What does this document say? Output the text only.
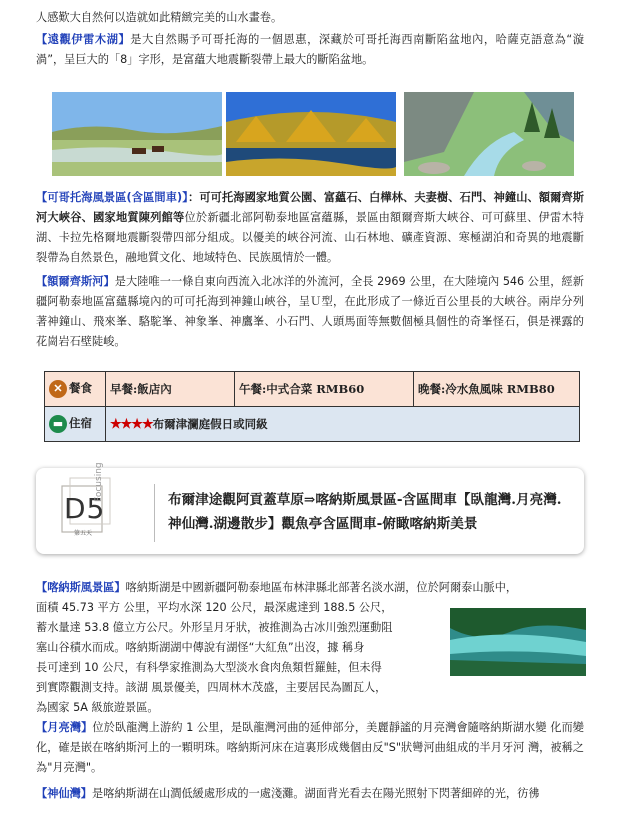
人感歎大自然何以造就如此精緻完美的山水畫卷。

【遠觀伊雷木湖】是大自然賜予可哥托海的一個恩惠，深藏於可哥托海西南斷陷盆地內，哈薩克語意為“漩 渦”，呈巨大的「8」字形，是富蘊大地震斷裂帶上最大的斷陷盆地。

【可哥托海風景區(含區間車)】：可可托海國家地質公園、富蘊石、白樺林、夫妻樹、石門、神鐘山、額爾齊斯河大峽谷、國家地質陳列館等位於新疆北部阿勒泰地區富蘊縣，景區由額爾齊斯大峽谷、可可蘇里、伊雷木特湖、卡拉先格爾地震斷裂帶四部分組成。以優美的峽谷河流、山石林地、礦產資源、寒極湖泊和奇異的地震斷裂帶為自然景色，融地質文化、地域特色、民族風情於一體。

【額爾齊斯河】是大陸唯一一條自東向西流入北冰洋的外流河，全長 2969 公里，在大陸境內 546 公里，經新疆阿勒泰地區富蘊縣境內的可可托海到神鐘山峽谷，呈Ｕ型，在此形成了一條近百公里長的大峽谷。兩岸分列著神鐘山、飛來峯、駱駝峯、神象峯、神鷹峯、小石門、人頭馬面等無數個極具個性的奇峯怪石，俱是裸露的花崗岩石壁陡峻。

✕ 餐食	早餐:飯店內	午餐:中式合菜 RMB60	晚餐:冷水魚風味 RMB80
▬ 住宿	★★★★布爾津瀾庭假日或同級		
D5
第五天
Focusing	布爾津途觀阿貢蓋草原⇒喀納斯風景區-含區間車【臥龍灣.月亮灣.神仙灣.湖邊散步】觀魚亭含區間車-俯瞰喀納斯美景

【喀納斯風景區】喀納斯湖是中國新疆阿勒泰地區布林津縣北部著名淡水湖，位於阿爾泰山脈中，
面積 45.73 平方 公里，平均水深 120 公尺，最深處達到 188.5 公尺，
蓄水量達 53.8 億立方公尺。外形呈月牙狀，被推測為古冰川強烈運動阻
塞山谷積水而成。喀納斯湖湖中傳說有湖怪“大紅魚”出沒，據 稱身
長可達到 10 公尺，有科學家推測為大型淡水食肉魚類哲羅鮭，但未得
到實際觀測支持。該湖 風景優美，四周林木茂盛，主要居民為圖瓦人，
為國家 5A 級旅遊景區。

【月亮灣】位於臥龍灣上游約 1 公里，是臥龍灣河曲的延伸部分，美麗靜謐的月亮灣會隨喀納斯湖水變 化而變化，確是嵌在喀納斯河上的一顆明珠。喀納斯河床在這裏形成幾個由反"S"狀彎河曲組成的半月牙河 灣，被稱之為"月亮灣"。

【神仙灣】是喀納斯湖在山澗低緩處形成的一處淺灘。湖面背光看去在陽光照射下閃著細碎的光，彷彿
